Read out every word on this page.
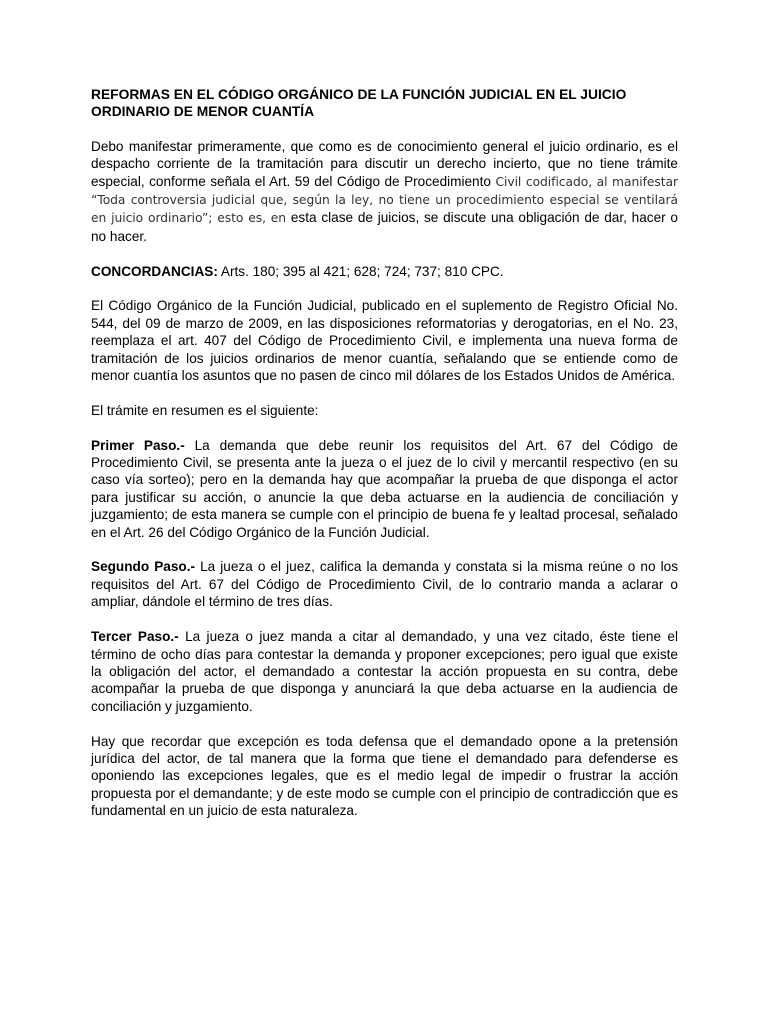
REFORMAS EN EL CÓDIGO ORGÁNICO DE LA FUNCIÓN JUDICIAL EN EL JUICIO ORDINARIO DE MENOR CUANTÍA

Debo manifestar primeramente, que como es de conocimiento general el juicio ordinario, es el despacho corriente de la tramitación para discutir un derecho incierto, que no tiene trámite especial, conforme señala el Art. 59 del Código de Procedimiento Civil codificado, al manifestar “Toda controversia judicial que, según la ley, no tiene un procedimiento especial se ventilará en juicio ordinario”; esto es, en esta clase de juicios, se discute una obligación de dar, hacer o no hacer.

CONCORDANCIAS: Arts. 180; 395 al 421; 628; 724; 737; 810 CPC.

El Código Orgánico de la Función Judicial, publicado en el suplemento de Registro Oficial No. 544, del 09 de marzo de 2009, en las disposiciones reformatorias y derogatorias, en el No. 23, reemplaza el art. 407 del Código de Procedimiento Civil, e implementa una nueva forma de tramitación de los juicios ordinarios de menor cuantía, señalando que se entiende como de menor cuantía los asuntos que no pasen de cinco mil dólares de los Estados Unidos de América.

El trámite en resumen es el siguiente:

Primer Paso.- La demanda que debe reunir los requisitos del Art. 67 del Código de Procedimiento Civil, se presenta ante la jueza o el juez de lo civil y mercantil respectivo (en su caso vía sorteo); pero en la demanda hay que acompañar la prueba de que disponga el actor para justificar su acción, o anuncie la que deba actuarse en la audiencia de conciliación y juzgamiento; de esta manera se cumple con el principio de buena fe y lealtad procesal, señalado en el Art. 26 del Código Orgánico de la Función Judicial.

Segundo Paso.- La jueza o el juez, califica la demanda y constata si la misma reúne o no los requisitos del Art. 67 del Código de Procedimiento Civil, de lo contrario manda a aclarar o ampliar, dándole el término de tres días.

Tercer Paso.- La jueza o juez manda a citar al demandado, y una vez citado, éste tiene el término de ocho días para contestar la demanda y proponer excepciones; pero igual que existe la obligación del actor, el demandado a contestar la acción propuesta en su contra, debe acompañar la prueba de que disponga y anunciará la que deba actuarse en la audiencia de conciliación y juzgamiento.

Hay que recordar que excepción es toda defensa que el demandado opone a la pretensión jurídica del actor, de tal manera que la forma que tiene el demandado para defenderse es oponiendo las excepciones legales, que es el medio legal de impedir o frustrar la acción propuesta por el demandante; y de este modo se cumple con el principio de contradicción que es fundamental en un juicio de esta naturaleza.
